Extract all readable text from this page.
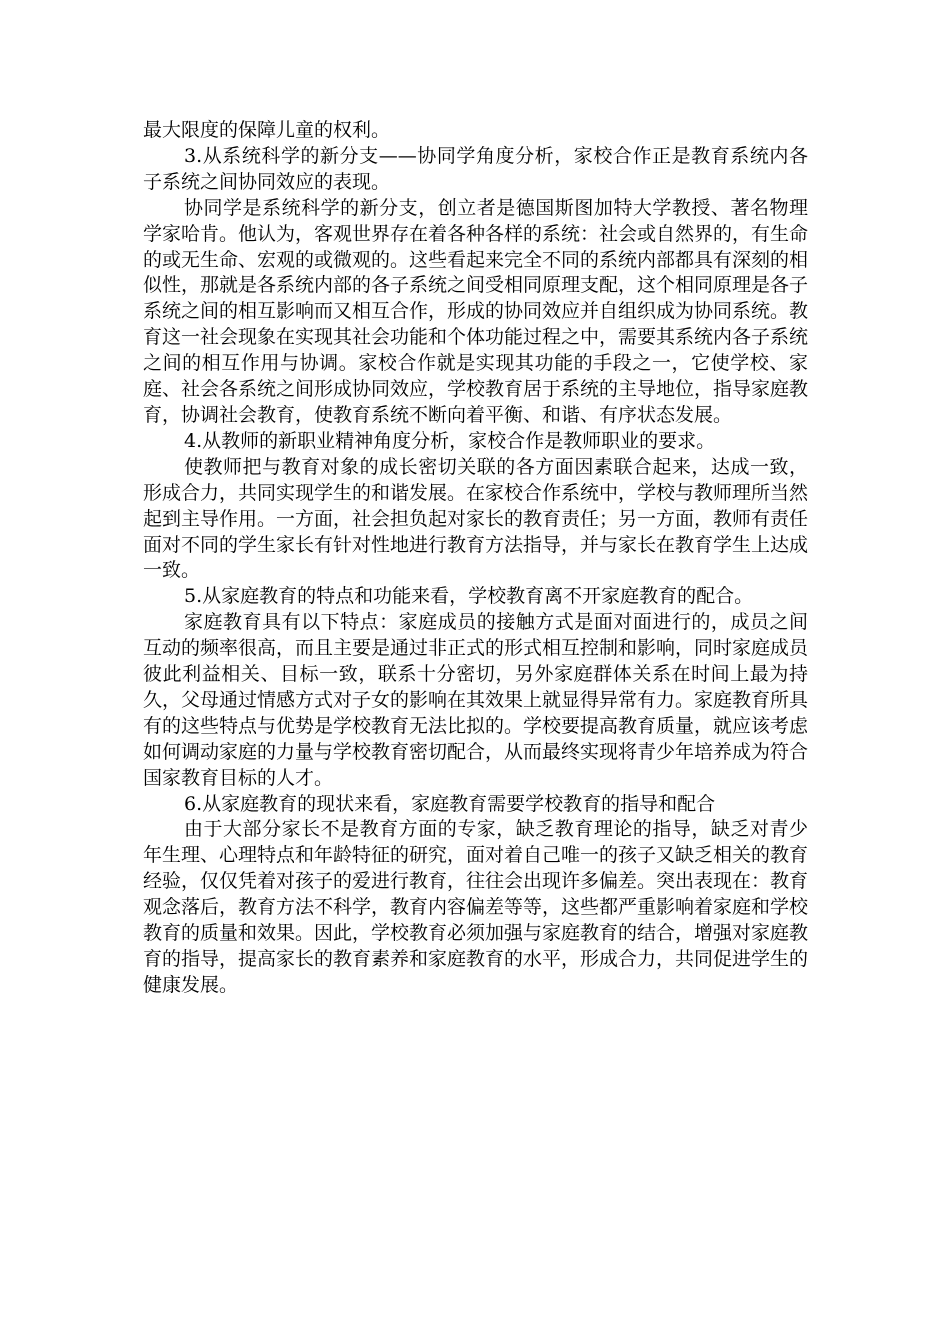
最大限度的保障儿童的权利。

3.从系统科学的新分支——协同学角度分析，家校合作正是教育系统内各子系统之间协同效应的表现。

协同学是系统科学的新分支，创立者是德国斯图加特大学教授、著名物理学家哈肯。他认为，客观世界存在着各种各样的系统：社会或自然界的，有生命的或无生命、宏观的或微观的。这些看起来完全不同的系统内部都具有深刻的相似性，那就是各系统内部的各子系统之间受相同原理支配，这个相同原理是各子系统之间的相互影响而又相互合作，形成的协同效应并自组织成为协同系统。教育这一社会现象在实现其社会功能和个体功能过程之中，需要其系统内各子系统之间的相互作用与协调。家校合作就是实现其功能的手段之一，它使学校、家庭、社会各系统之间形成协同效应，学校教育居于系统的主导地位，指导家庭教育，协调社会教育，使教育系统不断向着平衡、和谐、有序状态发展。

4.从教师的新职业精神角度分析，家校合作是教师职业的要求。

使教师把与教育对象的成长密切关联的各方面因素联合起来，达成一致，形成合力，共同实现学生的和谐发展。在家校合作系统中，学校与教师理所当然起到主导作用。一方面，社会担负起对家长的教育责任；另一方面，教师有责任面对不同的学生家长有针对性地进行教育方法指导，并与家长在教育学生上达成一致。

5.从家庭教育的特点和功能来看，学校教育离不开家庭教育的配合。

家庭教育具有以下特点：家庭成员的接触方式是面对面进行的，成员之间互动的频率很高，而且主要是通过非正式的形式相互控制和影响，同时家庭成员彼此利益相关、目标一致，联系十分密切，另外家庭群体关系在时间上最为持久，父母通过情感方式对子女的影响在其效果上就显得异常有力。家庭教育所具有的这些特点与优势是学校教育无法比拟的。学校要提高教育质量，就应该考虑如何调动家庭的力量与学校教育密切配合，从而最终实现将青少年培养成为符合国家教育目标的人才。

6.从家庭教育的现状来看，家庭教育需要学校教育的指导和配合

由于大部分家长不是教育方面的专家，缺乏教育理论的指导，缺乏对青少年生理、心理特点和年龄特征的研究，面对着自己唯一的孩子又缺乏相关的教育经验，仅仅凭着对孩子的爱进行教育，往往会出现许多偏差。突出表现在：教育观念落后，教育方法不科学，教育内容偏差等等，这些都严重影响着家庭和学校教育的质量和效果。因此，学校教育必须加强与家庭教育的结合，增强对家庭教育的指导，提高家长的教育素养和家庭教育的水平，形成合力，共同促进学生的健康发展。
